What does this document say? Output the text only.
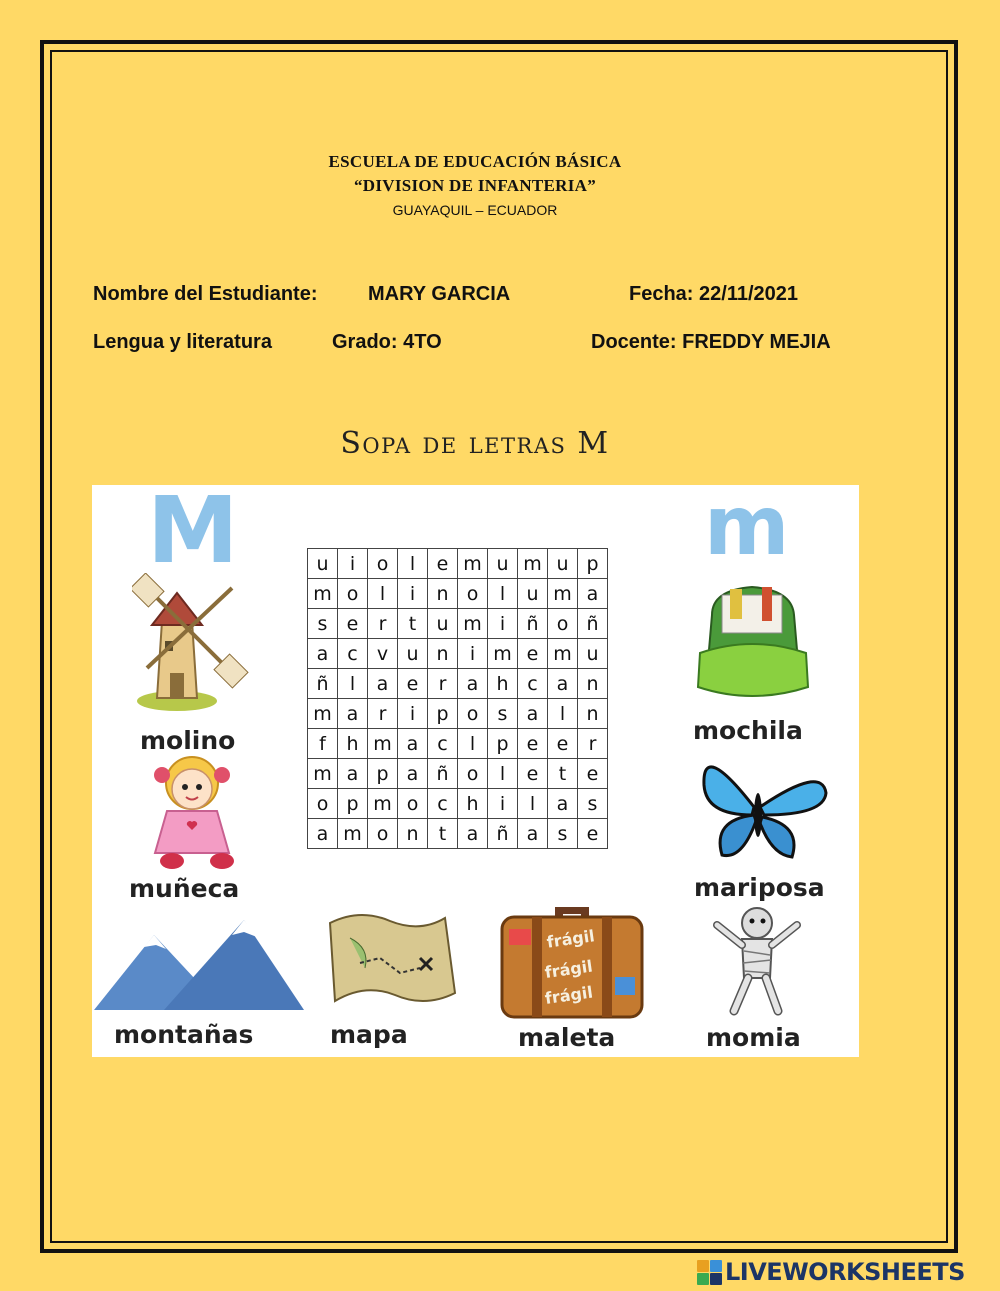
ESCUELA DE EDUCACIÓN BÁSICA
“DIVISION DE INFANTERIA”
GUAYAQUIL – ECUADOR
Nombre del Estudiante:	MARY GARCIA	Fecha: 22/11/2021
Lengua y literatura	Grado: 4TO	Docente: FREDDY MEJIA
Sopa de letras M
M	m
u	i	o	l	e	m	u	m	u	p
m	o	l	i	n	o	l	u	m	a
s	e	r	t	u	m	i	ñ	o	ñ
a	c	v	u	n	i	m	e	m	u
ñ	l	a	e	r	a	h	c	a	n
m	a	r	i	p	o	s	a	l	n
f	h	m	a	c	l	p	e	e	r
m	a	p	a	ñ	o	l	e	t	e
o	p	m	o	c	h	i	l	a	s
a	m	o	n	t	a	ñ	a	s	e
molino
muñeca
mochila
mariposa
montañas	mapa
frágil
frágil
frágil
maleta	momia
LIVEWORKSHEETS
